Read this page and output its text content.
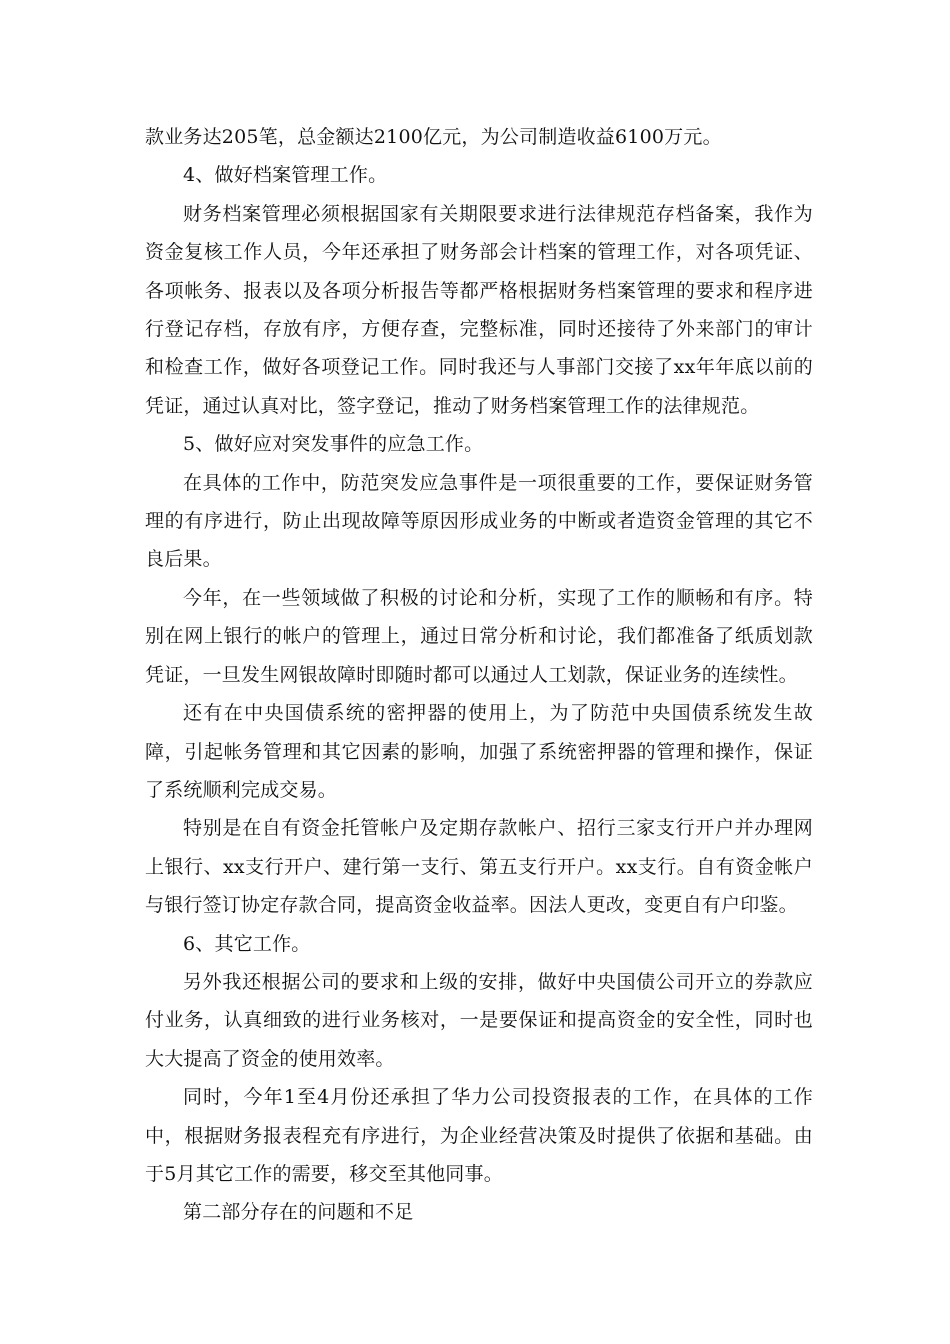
款业务达205笔，总金额达2100亿元，为公司制造收益6100万元。

4、做好档案管理工作。

财务档案管理必须根据国家有关期限要求进行法律规范存档备案，我作为资金复核工作人员，今年还承担了财务部会计档案的管理工作，对各项凭证、各项帐务、报表以及各项分析报告等都严格根据财务档案管理的要求和程序进行登记存档，存放有序，方便存查，完整标准，同时还接待了外来部门的审计和检查工作，做好各项登记工作。同时我还与人事部门交接了xx年年底以前的凭证，通过认真对比，签字登记，推动了财务档案管理工作的法律规范。

5、做好应对突发事件的应急工作。

在具体的工作中，防范突发应急事件是一项很重要的工作，要保证财务管理的有序进行，防止出现故障等原因形成业务的中断或者造资金管理的其它不良后果。

今年，在一些领域做了积极的讨论和分析，实现了工作的顺畅和有序。特别在网上银行的帐户的管理上，通过日常分析和讨论，我们都准备了纸质划款凭证，一旦发生网银故障时即随时都可以通过人工划款，保证业务的连续性。

还有在中央国债系统的密押器的使用上，为了防范中央国债系统发生故障，引起帐务管理和其它因素的影响，加强了系统密押器的管理和操作，保证了系统顺利完成交易。

特别是在自有资金托管帐户及定期存款帐户、招行三家支行开户并办理网上银行、xx支行开户、建行第一支行、第五支行开户。xx支行。自有资金帐户与银行签订协定存款合同，提高资金收益率。因法人更改，变更自有户印鉴。

6、其它工作。

另外我还根据公司的要求和上级的安排，做好中央国债公司开立的券款应付业务，认真细致的进行业务核对，一是要保证和提高资金的安全性，同时也大大提高了资金的使用效率。

同时，今年1至4月份还承担了华力公司投资报表的工作，在具体的工作中，根据财务报表程充有序进行，为企业经营决策及时提供了依据和基础。由于5月其它工作的需要，移交至其他同事。

第二部分存在的问题和不足
